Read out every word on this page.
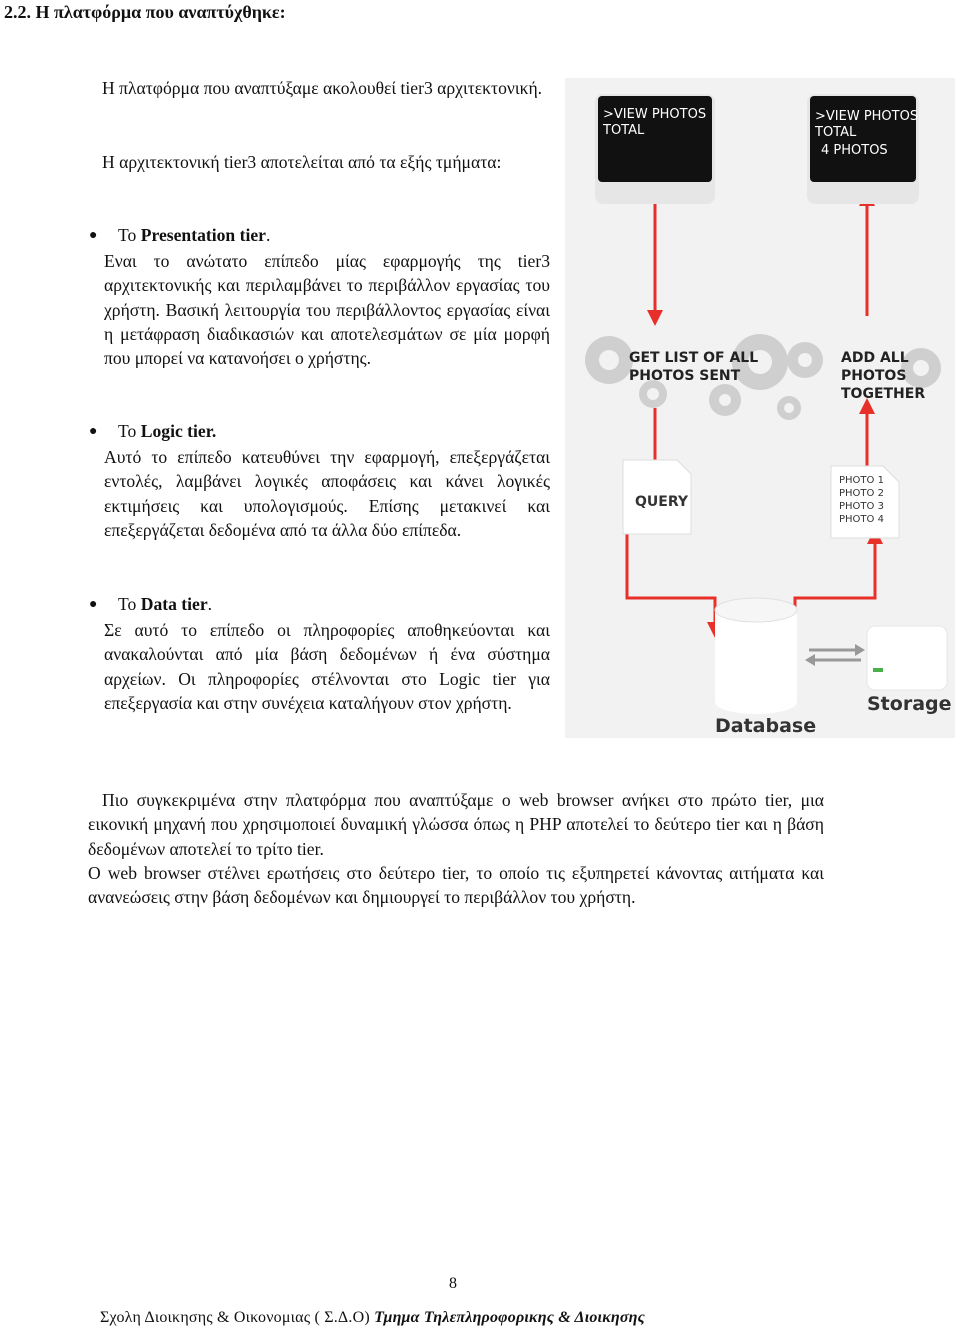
2.2. Η πλατφόρμα που αναπτύχθηκε:
Η πλατφόρμα που αναπτύξαμε ακολουθεί tier3 αρχιτεκτονική.
Η αρχιτεκτονική tier3 αποτελείται από τα εξής τμήματα:
● Το Presentation tier.
Εναι το ανώτατο επίπεδο μίας εφαρμογής της tier3 αρχιτεκτονικής και περιλαμβάνει το περιβάλλον εργασίας του χρήστη. Βασική λειτουργία του περιβάλλοντος εργασίας είναι η μετάφραση διαδικασιών και αποτελεσμάτων σε μία μορφή που μπορεί να κατανοήσει ο χρήστης.
● Το Logic tier.
Αυτό το επίπεδο κατευθύνει την εφαρμογή, επεξεργάζεται εντολές, λαμβάνει λογικές αποφάσεις και κάνει λογικές εκτιμήσεις και υπολογισμούς. Επίσης μετακινεί και επεξεργάζεται δεδομένα από τα άλλα δύο επίπεδα.
● Το Data tier.
Σε αυτό το επίπεδο οι πληροφορίες αποθηκεύονται και ανακαλούνται από μία βάση δεδομένων ή ένα σύστημα αρχείων. Οι πληροφορίες στέλνονται στο Logic tier για επεξεργασία και στην συνέχεια καταλήγουν στον χρήστη.
>VIEW PHOTOS
TOTAL
>VIEW PHOTOS
TOTAL
4 PHOTOS
GET LIST OF ALL
PHOTOS SENT
ADD ALL
PHOTOS
TOGETHER
QUERY
PHOTO 1
PHOTO 2
PHOTO 3
PHOTO 4
Database
Storage
Πιο συγκεκριμένα στην πλατφόρμα που αναπτύξαμε ο web browser ανήκει στο πρώτο tier, μια εικονική μηχανή που χρησιμοποιεί δυναμική γλώσσα όπως η PHP αποτελεί το δεύτερο tier και η βάση δεδομένων αποτελεί το τρίτο tier.
Ο web browser στέλνει ερωτήσεις στο δεύτερο tier, το οποίο τις εξυπηρετεί κάνοντας αιτήματα και ανανεώσεις στην βάση δεδομένων και δημιουργεί το περιβάλλον του χρήστη.
8
Σχολη Διοικησης & Οικονομιας ( Σ.Δ.Ο) Τμημα Τηλεπληροφορικης & Διοικησης
